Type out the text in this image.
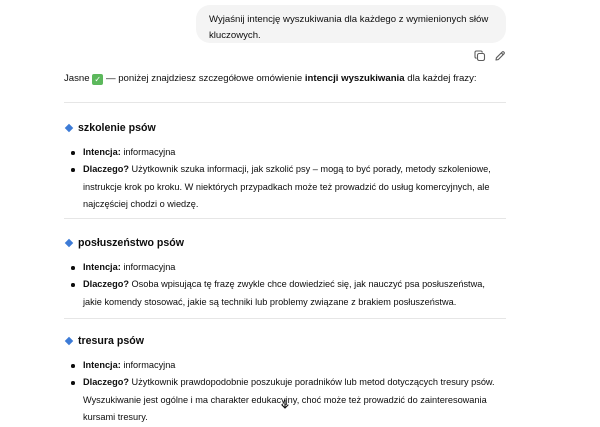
Wyjaśnij intencję wyszukiwania dla każdego z wymienionych słów kluczowych.
Jasne ✓ — poniżej znajdziesz szczegółowe omówienie intencji wyszukiwania dla każdej frazy:
szkolenie psów
Intencja: informacyjna
Dlaczego? Użytkownik szuka informacji, jak szkolić psy – mogą to być porady, metody szkoleniowe, instrukcje krok po kroku. W niektórych przypadkach może też prowadzić do usług komercyjnych, ale najczęściej chodzi o wiedzę.
posłuszeństwo psów
Intencja: informacyjna
Dlaczego? Osoba wpisująca tę frazę zwykle chce dowiedzieć się, jak nauczyć psa posłuszeństwa, jakie komendy stosować, jakie są techniki lub problemy związane z brakiem posłuszeństwa.
tresura psów
Intencja: informacyjna
Dlaczego? Użytkownik prawdopodobnie poszukuje poradników lub metod dotyczących tresury psów. Wyszukiwanie jest ogólne i ma charakter edukacyjny, choć może też prowadzić do zainteresowania kursami tresury.
